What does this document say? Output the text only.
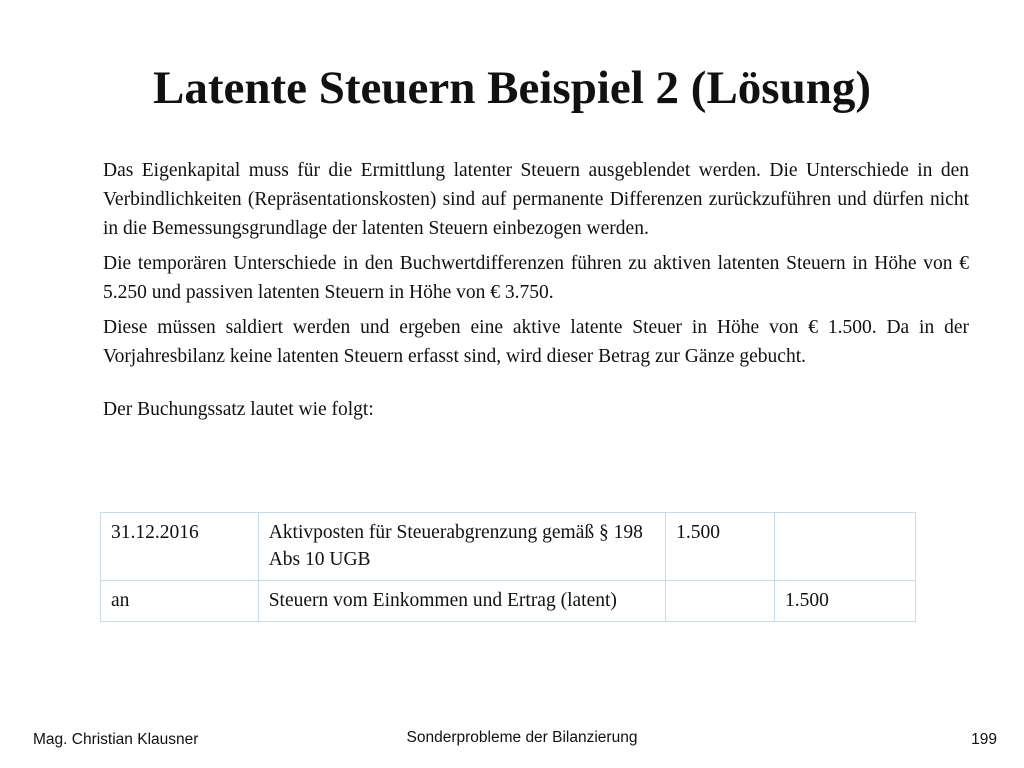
Latente Steuern Beispiel 2 (Lösung)

Das Eigenkapital muss für die Ermittlung latenter Steuern ausgeblendet werden. Die Unterschiede in den Verbindlichkeiten (Repräsentationskosten) sind auf permanente Differenzen zurückzuführen und dürfen nicht in die Bemessungsgrundlage der latenten Steuern einbezogen werden.

Die temporären Unterschiede in den Buchwertdifferenzen führen zu aktiven latenten Steuern in Höhe von € 5.250 und passiven latenten Steuern in Höhe von € 3.750.

Diese müssen saldiert werden und ergeben eine aktive latente Steuer in Höhe von € 1.500. Da in der Vorjahresbilanz keine latenten Steuern erfasst sind, wird dieser Betrag zur Gänze gebucht.

Der Buchungssatz lautet wie folgt:

31.12.2016	Aktivposten für Steuerabgrenzung gemäß § 198 Abs 10 UGB	1.500	
an	Steuern vom Einkommen und Ertrag (latent)		1.500
Mag. Christian Klausner	Sonderprobleme der Bilanzierung	199
